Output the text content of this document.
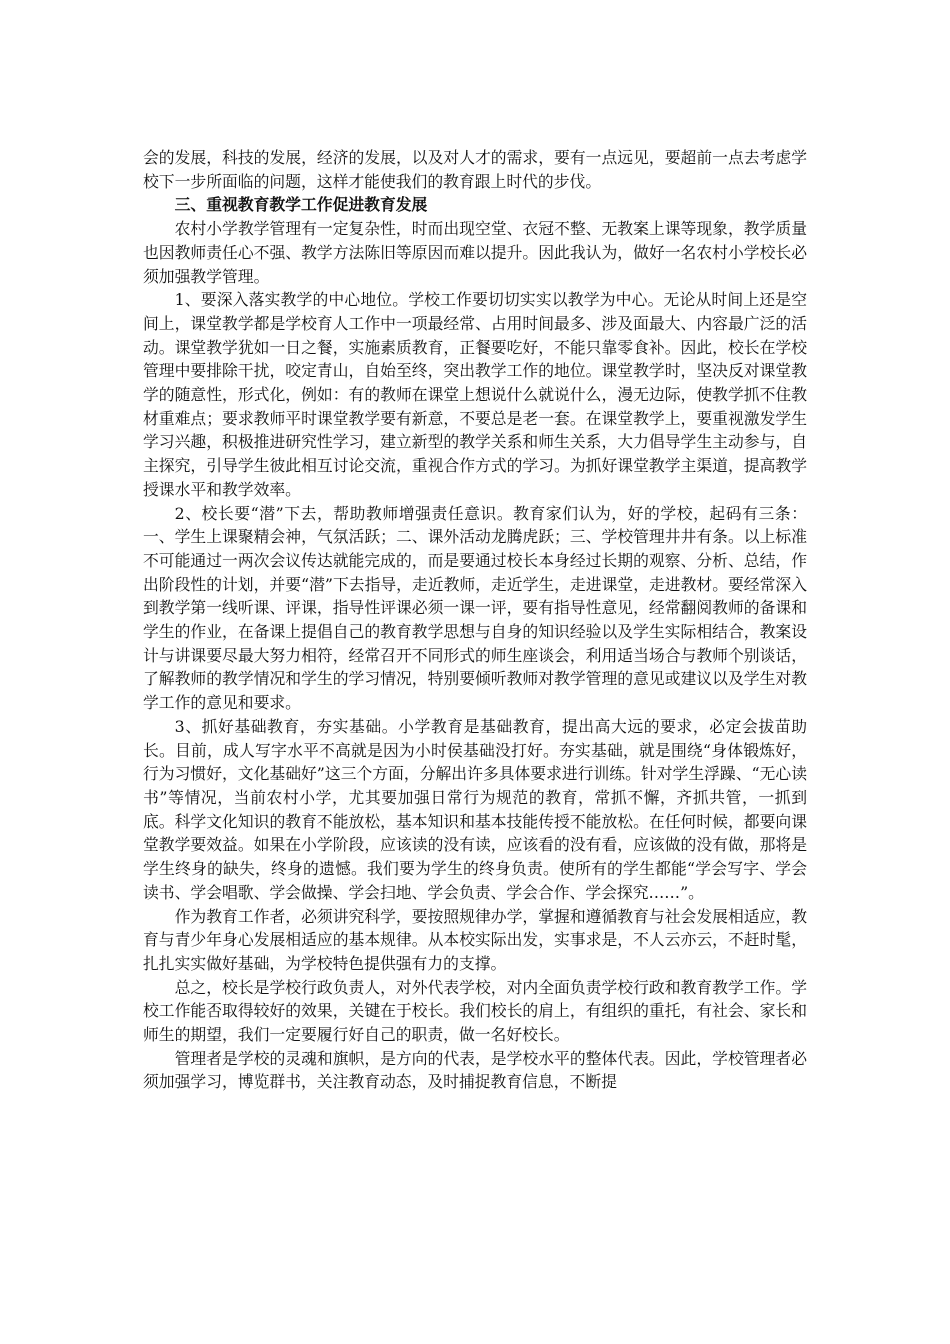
会的发展，科技的发展，经济的发展，以及对人才的需求，要有一点远见，要超前一点去考虑学校下一步所面临的问题，这样才能使我们的教育跟上时代的步伐。

三、重视教育教学工作促进教育发展

农村小学教学管理有一定复杂性，时而出现空堂、衣冠不整、无教案上课等现象，教学质量也因教师责任心不强、教学方法陈旧等原因而难以提升。因此我认为，做好一名农村小学校长必须加强教学管理。

1、要深入落实教学的中心地位。学校工作要切切实实以教学为中心。无论从时间上还是空间上，课堂教学都是学校育人工作中一项最经常、占用时间最多、涉及面最大、内容最广泛的活动。课堂教学犹如一日之餐，实施素质教育，正餐要吃好，不能只靠零食补。因此，校长在学校管理中要排除干扰，咬定青山，自始至终，突出教学工作的地位。课堂教学时，坚决反对课堂教学的随意性，形式化，例如：有的教师在课堂上想说什么就说什么，漫无边际，使教学抓不住教材重难点；要求教师平时课堂教学要有新意，不要总是老一套。在课堂教学上，要重视激发学生学习兴趣，积极推进研究性学习，建立新型的教学关系和师生关系，大力倡导学生主动参与，自主探究，引导学生彼此相互讨论交流，重视合作方式的学习。为抓好课堂教学主渠道，提高教学授课水平和教学效率。

2、校长要“潜”下去，帮助教师增强责任意识。教育家们认为，好的学校，起码有三条：一、学生上课聚精会神，气氛活跃；二、课外活动龙腾虎跃；三、学校管理井井有条。以上标准不可能通过一两次会议传达就能完成的，而是要通过校长本身经过长期的观察、分析、总结，作出阶段性的计划，并要“潜”下去指导，走近教师，走近学生，走进课堂，走进教材。要经常深入到教学第一线听课、评课，指导性评课必须一课一评，要有指导性意见，经常翻阅教师的备课和学生的作业，在备课上提倡自己的教育教学思想与自身的知识经验以及学生实际相结合，教案设计与讲课要尽最大努力相符，经常召开不同形式的师生座谈会，利用适当场合与教师个别谈话，了解教师的教学情况和学生的学习情况，特别要倾听教师对教学管理的意见或建议以及学生对教学工作的意见和要求。

3、抓好基础教育，夯实基础。小学教育是基础教育，提出高大远的要求，必定会拔苗助长。目前，成人写字水平不高就是因为小时侯基础没打好。夯实基础，就是围绕“身体锻炼好，行为习惯好，文化基础好”这三个方面，分解出许多具体要求进行训练。针对学生浮躁、“无心读书”等情况，当前农村小学，尤其要加强日常行为规范的教育，常抓不懈，齐抓共管，一抓到底。科学文化知识的教育不能放松，基本知识和基本技能传授不能放松。在任何时候，都要向课堂教学要效益。如果在小学阶段，应该读的没有读，应该看的没有看，应该做的没有做，那将是学生终身的缺失，终身的遗憾。我们要为学生的终身负责。使所有的学生都能“学会写字、学会读书、学会唱歌、学会做操、学会扫地、学会负责、学会合作、学会探究……”。

作为教育工作者，必须讲究科学，要按照规律办学，掌握和遵循教育与社会发展相适应，教育与青少年身心发展相适应的基本规律。从本校实际出发，实事求是，不人云亦云，不赶时髦，扎扎实实做好基础，为学校特色提供强有力的支撑。

总之，校长是学校行政负责人，对外代表学校，对内全面负责学校行政和教育教学工作。学校工作能否取得较好的效果，关键在于校长。我们校长的肩上，有组织的重托，有社会、家长和师生的期望，我们一定要履行好自己的职责，做一名好校长。

管理者是学校的灵魂和旗帜，是方向的代表，是学校水平的整体代表。因此，学校管理者必须加强学习，博览群书，关注教育动态，及时捕捉教育信息，不断提
